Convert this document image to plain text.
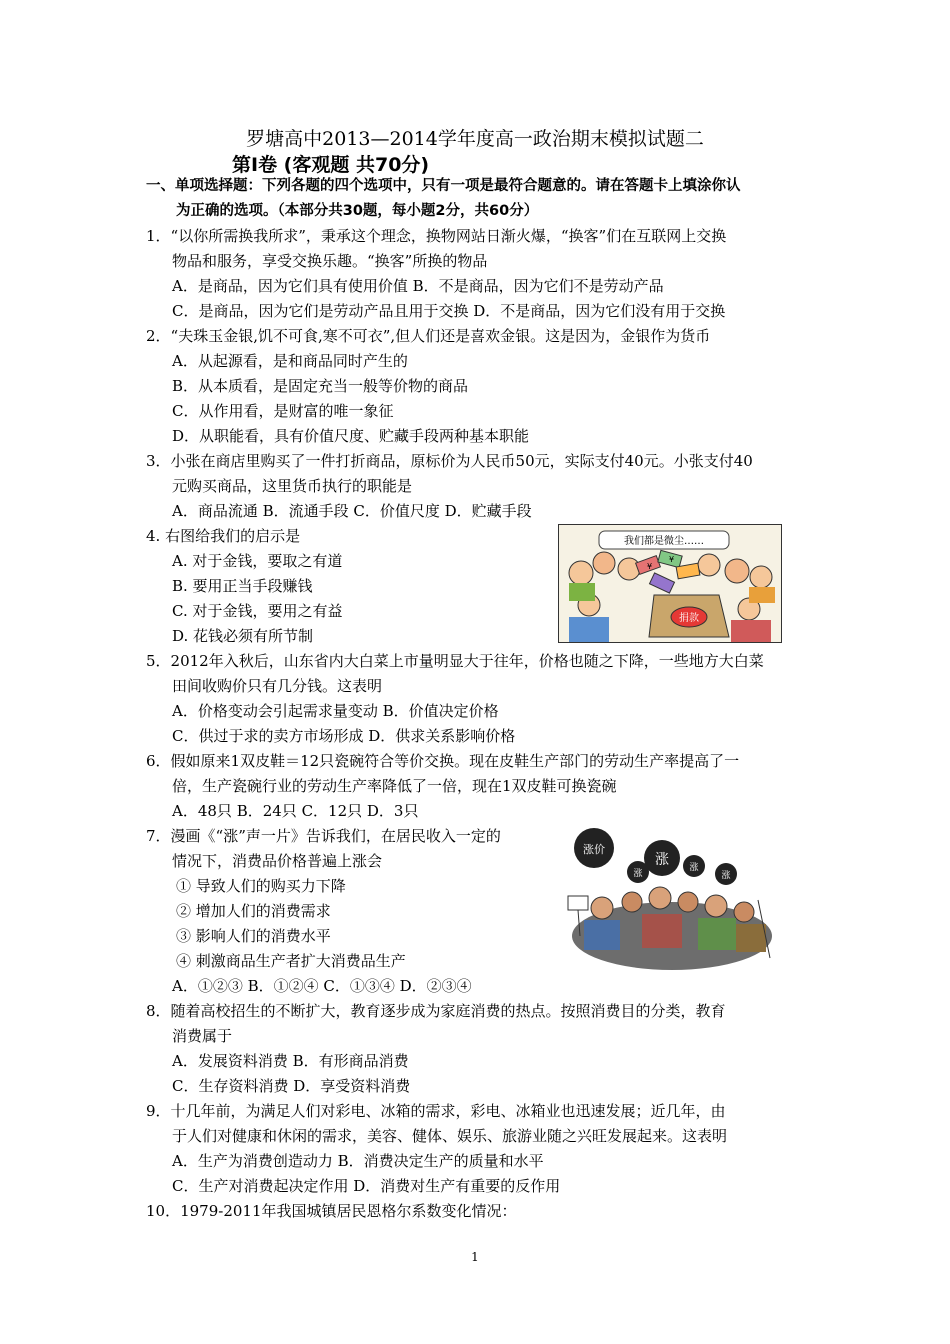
罗塘高中2013—2014学年度高一政治期末模拟试题二
第Ⅰ卷 (客观题 共70分)
一、单项选择题：下列各题的四个选项中，只有一项是最符合题意的。请在答题卡上填涂你认
为正确的选项。（本部分共30题，每小题2分，共60分）
1．“以你所需换我所求”，秉承这个理念，换物网站日渐火爆，“换客”们在互联网上交换
物品和服务，享受交换乐趣。“换客”所换的物品
A．是商品，因为它们具有使用价值 B．不是商品，因为它们不是劳动产品
C．是商品，因为它们是劳动产品且用于交换 D．不是商品，因为它们没有用于交换
2．“夫珠玉金银,饥不可食,寒不可衣”,但人们还是喜欢金银。这是因为，金银作为货币
A．从起源看，是和商品同时产生的
B．从本质看，是固定充当一般等价物的商品
C．从作用看，是财富的唯一象征
D．从职能看，具有价值尺度、贮藏手段两种基本职能
3．小张在商店里购买了一件打折商品，原标价为人民币50元，实际支付40元。小张支付40
元购买商品，这里货币执行的职能是
A．商品流通 B．流通手段 C．价值尺度 D．贮藏手段
4. 右图给我们的启示是
A. 对于金钱，要取之有道
B. 要用正当手段赚钱
C. 对于金钱，要用之有益
D. 花钱必须有所节制
5．2012年入秋后，山东省内大白菜上市量明显大于往年，价格也随之下降，一些地方大白菜
田间收购价只有几分钱。这表明
A．价格变动会引起需求量变动 B．价值决定价格
C．供过于求的卖方市场形成 D．供求关系影响价格
6．假如原来1双皮鞋＝12只瓷碗符合等价交换。现在皮鞋生产部门的劳动生产率提高了一
倍，生产瓷碗行业的劳动生产率降低了一倍，现在1双皮鞋可换瓷碗
A．48只 B．24只 C．12只 D．3只
7．漫画《“涨”声一片》告诉我们，在居民收入一定的
情况下，消费品价格普遍上涨会
① 导致人们的购买力下降
② 增加人们的消费需求
③ 影响人们的消费水平
④ 刺激商品生产者扩大消费品生产
A．①②③ B．①②④ C．①③④ D．②③④
8．随着高校招生的不断扩大，教育逐步成为家庭消费的热点。按照消费目的分类，教育
消费属于
A．发展资料消费 B．有形商品消费
C．生存资料消费 D．享受资料消费
9．十几年前，为满足人们对彩电、冰箱的需求，彩电、冰箱业也迅速发展；近几年，由
于人们对健康和休闲的需求，美容、健体、娱乐、旅游业随之兴旺发展起来。这表明
A．生产为消费创造动力 B．消费决定生产的质量和水平
C．生产对消费起决定作用 D．消费对生产有重要的反作用
10．1979-2011年我国城镇居民恩格尔系数变化情况：
我们都是微尘……
¥
¥
捐款
涨价
涨
涨
涨
涨
1
